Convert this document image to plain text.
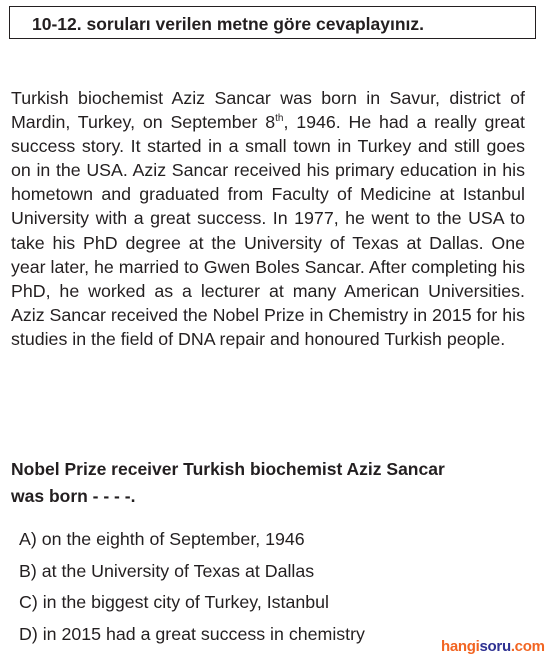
10-12. soruları verilen metne göre cevaplayınız.

Turkish biochemist Aziz Sancar was born in Savur, district of Mardin, Turkey, on September 8th, 1946. He had a really great success story. It started in a small town in Turkey and still goes on in the USA. Aziz Sancar received his primary education in his hometown and graduated from Faculty of Medicine at Istanbul University with a great success. In 1977, he went to the USA to take his PhD degree at the University of Texas at Dallas. One year later, he married to Gwen Boles Sancar. After completing his PhD, he worked as a lecturer at many American Universities. Aziz Sancar received the Nobel Prize in Chemistry in 2015 for his studies in the field of DNA repair and honoured Turkish people.

Nobel Prize receiver Turkish biochemist Aziz Sancar was born - - - -.

A) on the eighth of September, 1946
B) at the University of Texas at Dallas
C) in the biggest city of Turkey, Istanbul
D) in 2015 had a great success in chemistry
hangisoru.com
